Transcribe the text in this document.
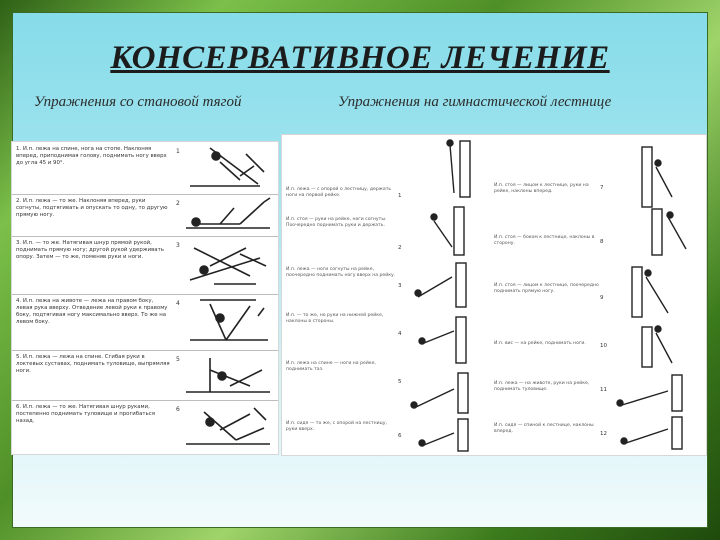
КОНСЕРВАТИВНОЕ ЛЕЧЕНИЕ
Упражнения со становой тягой	Упражнения на гимнастической лестнице
1. И.п. лежа на спине, нога на стопе. Наклоняя вперед, приподнимая голову, поднимать ногу вверх до угла 45 и 90°.
1
2. И.п. лежа — то же. Наклоняя вперед, руки согнуты, подтягивать и опускать то одну, то другую прямую ногу.
2
3. И.п. — то же. Натягивая шнур прямой рукой, поднимать прямую ногу; другой рукой удерживать опору. Затем — то же, поменяв руки и ноги.
3
4. И.п. лежа на животе — лежа на правом боку, левая рука вверху. Отведение левой руки к правому боку, подтягивая ногу максимально вверх. То же на левом боку.
4
5. И.п. лежа — лежа на спине. Сгибая руки в локтевых суставах, поднимать туловище, выпрямляя ноги.
5
6. И.п. лежа — то же. Натягивая шнур руками, постепенно поднимать туловище и прогибаться назад.
6
И.п. лежа — с опорой о лестницу, держать ноги на первой рейке.
И.п. стоя — руки на рейке, ноги согнуты. Поочередно поднимать руки и держать.
И.п. лежа — ноги согнуты на рейке, поочередно поднимать ногу вверх на рейку.
И.п. — то же, но руки на нижней рейке, наклоны в стороны.
И.п. лежа на спине — ноги на рейке, поднимать таз.
И.п. сидя — то же, с опорой на лестницу, руки вверх.
1
2
3
4
5
6
И.п. стоя — лицом к лестнице, руки на рейке, наклоны вперед.
И.п. стоя — боком к лестнице, наклоны в сторону.
И.п. стоя — лицом к лестнице, поочередно поднимать прямую ногу.
И.п. вис — на рейке, поднимать ноги.
И.п. лежа — на животе, руки на рейке, поднимать туловище.
И.п. сидя — спиной к лестнице, наклоны вперед.
7
8
9
10
11
12
